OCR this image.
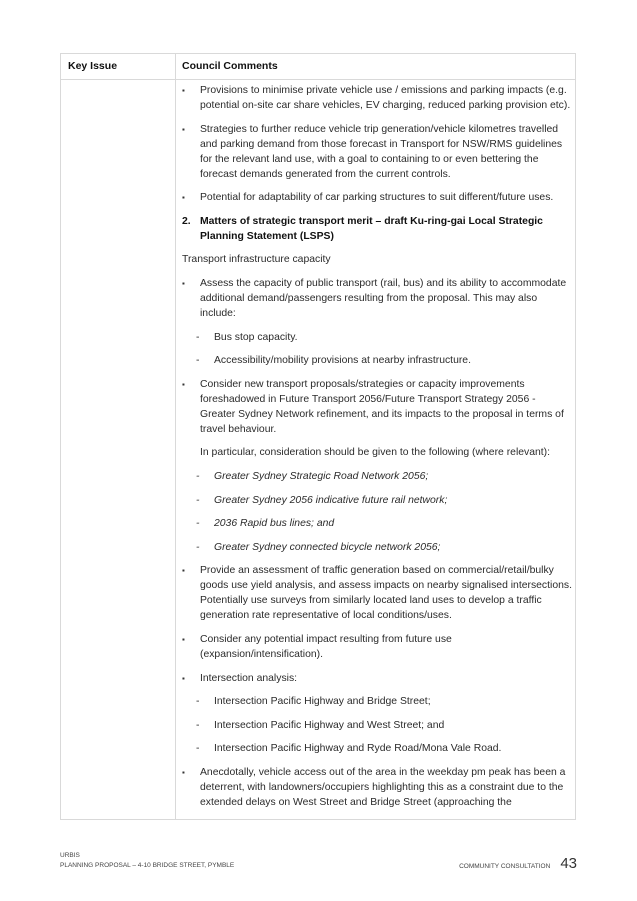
Key Issue	Council Comments
▪ Provisions to minimise private vehicle use / emissions and parking impacts (e.g. potential on-site car share vehicles, EV charging, reduced parking provision etc).
▪ Strategies to further reduce vehicle trip generation/vehicle kilometres travelled and parking demand from those forecast in Transport for NSW/RMS guidelines for the relevant land use, with a goal to containing to or even bettering the forecast demands generated from the current controls.
▪ Potential for adaptability of car parking structures to suit different/future uses.
2. Matters of strategic transport merit – draft Ku-ring-gai Local Strategic Planning Statement (LSPS)
Transport infrastructure capacity
▪ Assess the capacity of public transport (rail, bus) and its ability to accommodate additional demand/passengers resulting from the proposal. This may also include:
- Bus stop capacity.
- Accessibility/mobility provisions at nearby infrastructure.
▪ Consider new transport proposals/strategies or capacity improvements foreshadowed in Future Transport 2056/Future Transport Strategy 2056 - Greater Sydney Network refinement, and its impacts to the proposal in terms of travel behaviour.
In particular, consideration should be given to the following (where relevant):
- Greater Sydney Strategic Road Network 2056;
- Greater Sydney 2056 indicative future rail network;
- 2036 Rapid bus lines; and
- Greater Sydney connected bicycle network 2056;
▪ Provide an assessment of traffic generation based on commercial/retail/bulky goods use yield analysis, and assess impacts on nearby signalised intersections. Potentially use surveys from similarly located land uses to develop a traffic generation rate representative of local conditions/uses.
▪ Consider any potential impact resulting from future use (expansion/intensification).
▪ Intersection analysis:
- Intersection Pacific Highway and Bridge Street;
- Intersection Pacific Highway and West Street; and
- Intersection Pacific Highway and Ryde Road/Mona Vale Road.
▪ Anecdotally, vehicle access out of the area in the weekday pm peak has been a deterrent, with landowners/occupiers highlighting this as a constraint due to the extended delays on West Street and Bridge Street (approaching the
URBIS
PLANNING PROPOSAL – 4-10 BRIDGE STREET, PYMBLE	COMMUNITY CONSULTATION 43
